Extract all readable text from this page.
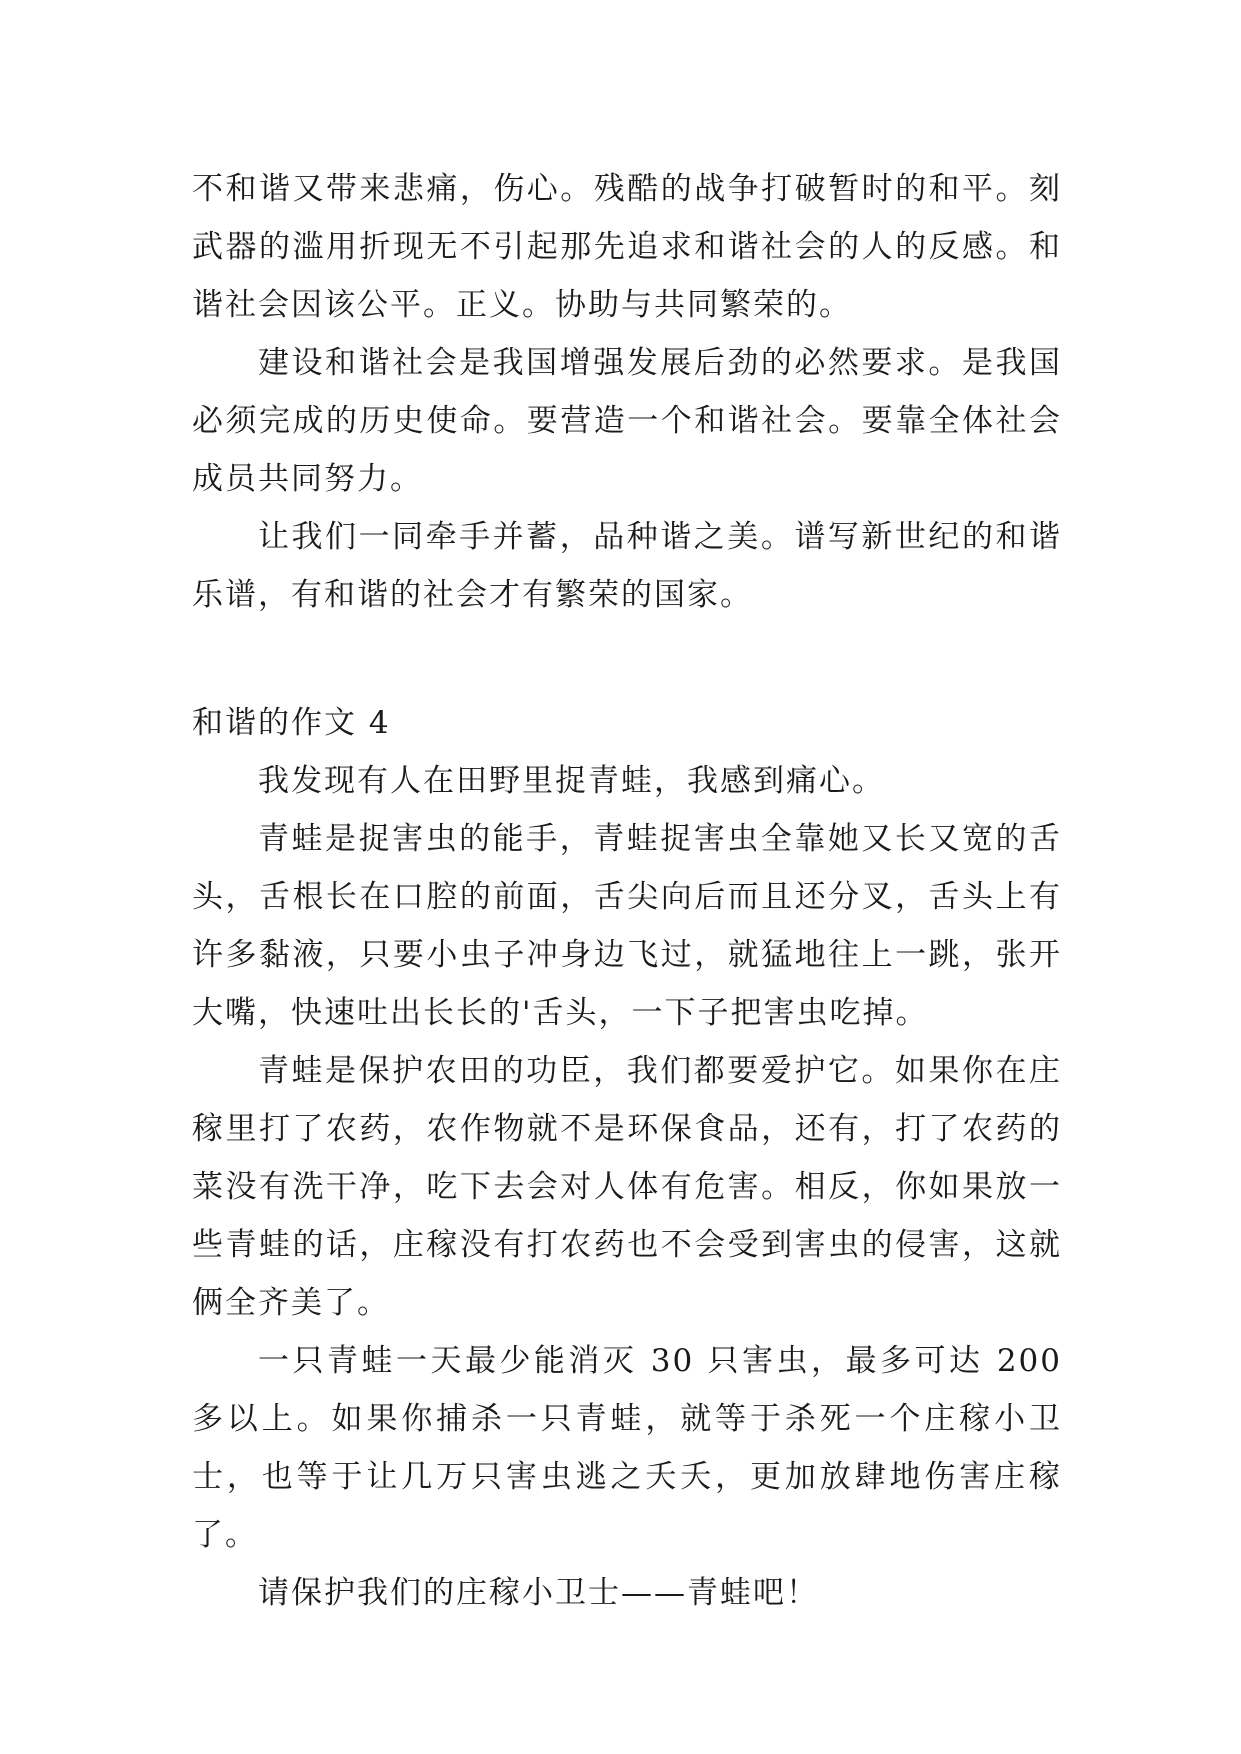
不和谐又带来悲痛，伤心。残酷的战争打破暂时的和平。刻武器的滥用折现无不引起那先追求和谐社会的人的反感。和谐社会因该公平。正义。协助与共同繁荣的。

建设和谐社会是我国增强发展后劲的必然要求。是我国必须完成的历史使命。要营造一个和谐社会。要靠全体社会成员共同努力。

让我们一同牵手并蓄，品种谐之美。谱写新世纪的和谐乐谱，有和谐的社会才有繁荣的国家。

和谐的作文 4

我发现有人在田野里捉青蛙，我感到痛心。

青蛙是捉害虫的能手，青蛙捉害虫全靠她又长又宽的舌头，舌根长在口腔的前面，舌尖向后而且还分叉，舌头上有许多黏液，只要小虫子冲身边飞过，就猛地往上一跳，张开大嘴，快速吐出长长的'舌头，一下子把害虫吃掉。

青蛙是保护农田的功臣，我们都要爱护它。如果你在庄稼里打了农药，农作物就不是环保食品，还有，打了农药的菜没有洗干净，吃下去会对人体有危害。相反，你如果放一些青蛙的话，庄稼没有打农药也不会受到害虫的侵害，这就俩全齐美了。

一只青蛙一天最少能消灭 30 只害虫，最多可达 200 多以上。如果你捕杀一只青蛙，就等于杀死一个庄稼小卫士，也等于让几万只害虫逃之夭夭，更加放肆地伤害庄稼了。

请保护我们的庄稼小卫士——青蛙吧！
